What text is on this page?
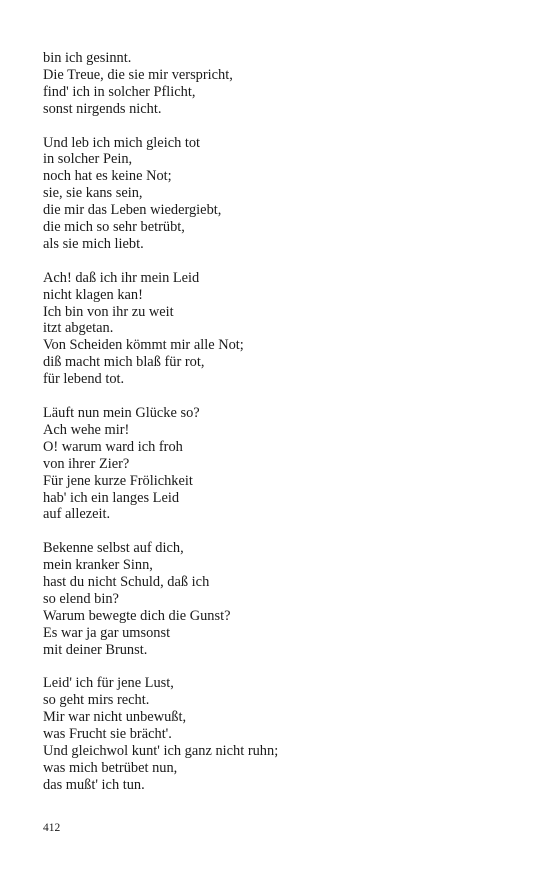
bin ich gesinnt.
Die Treue, die sie mir verspricht,
find' ich in solcher Pflicht,
sonst nirgends nicht.
Und leb ich mich gleich tot
in solcher Pein,
noch hat es keine Not;
sie, sie kans sein,
die mir das Leben wiedergiebt,
die mich so sehr betrübt,
als sie mich liebt.
Ach! daß ich ihr mein Leid
nicht klagen kan!
Ich bin von ihr zu weit
itzt abgetan.
Von Scheiden kömmt mir alle Not;
diß macht mich blaß für rot,
für lebend tot.
Läuft nun mein Glücke so?
Ach wehe mir!
O! warum ward ich froh
von ihrer Zier?
Für jene kurze Frölichkeit
hab' ich ein langes Leid
auf allezeit.
Bekenne selbst auf dich,
mein kranker Sinn,
hast du nicht Schuld, daß ich
so elend bin?
Warum bewegte dich die Gunst?
Es war ja gar umsonst
mit deiner Brunst.
Leid' ich für jene Lust,
so geht mirs recht.
Mir war nicht unbewußt,
was Frucht sie brächt'.
Und gleichwol kunt' ich ganz nicht ruhn;
was mich betrübet nun,
das mußt' ich tun.
412
